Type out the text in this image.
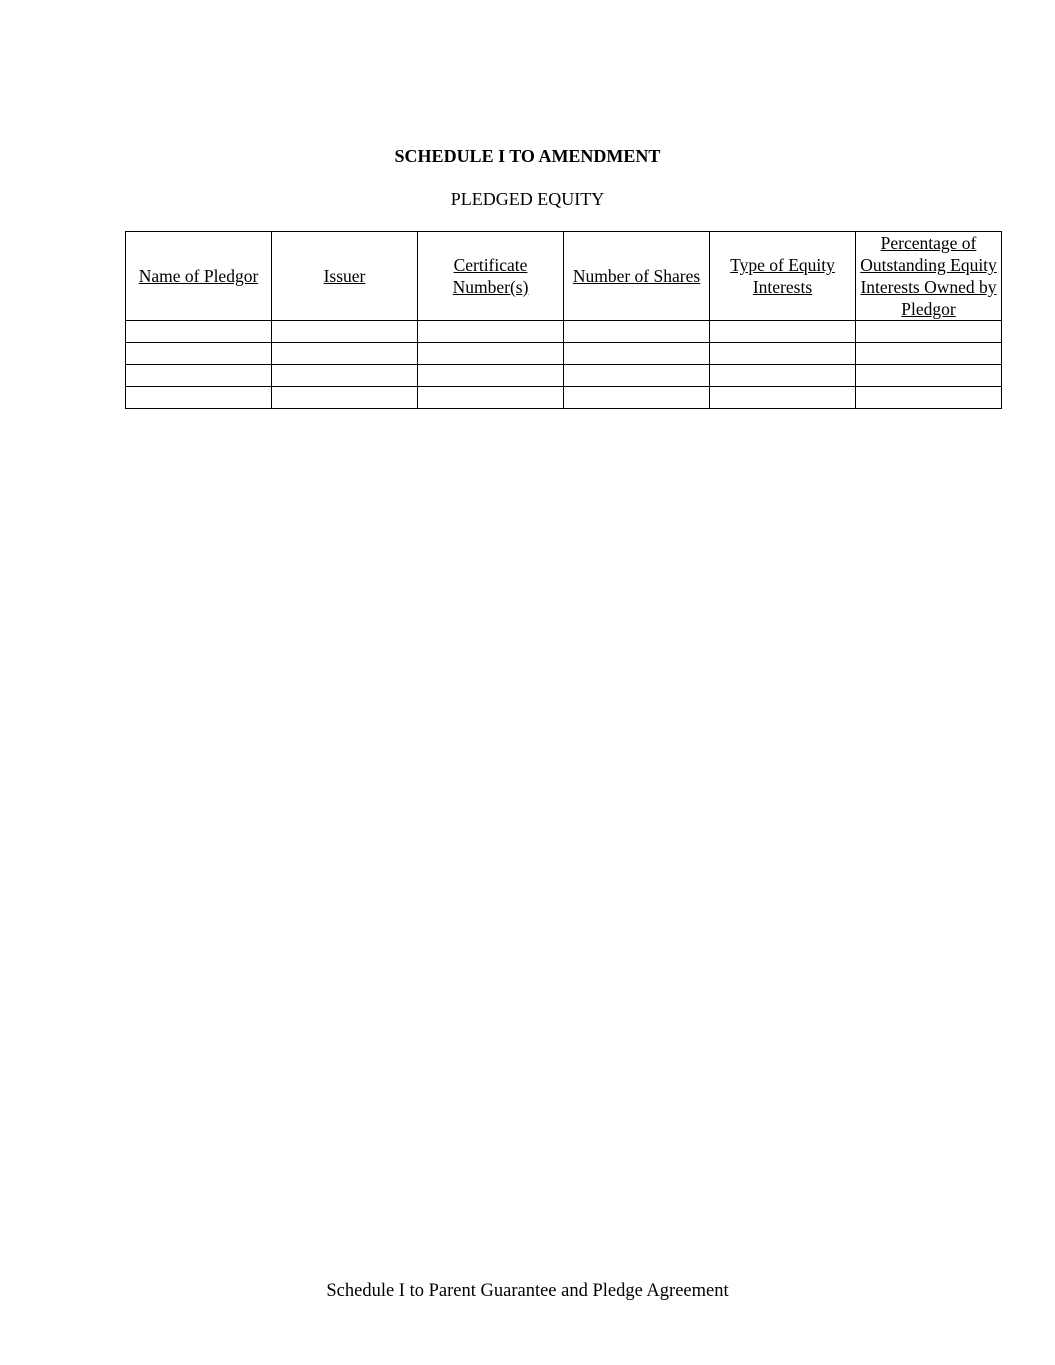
SCHEDULE I TO AMENDMENT
PLEDGED EQUITY
Name of Pledgor	Issuer	Certificate Number(s)	Number of Shares	Type of Equity Interests	Percentage of Outstanding Equity Interests Owned by Pledgor

Schedule I to Parent Guarantee and Pledge Agreement
